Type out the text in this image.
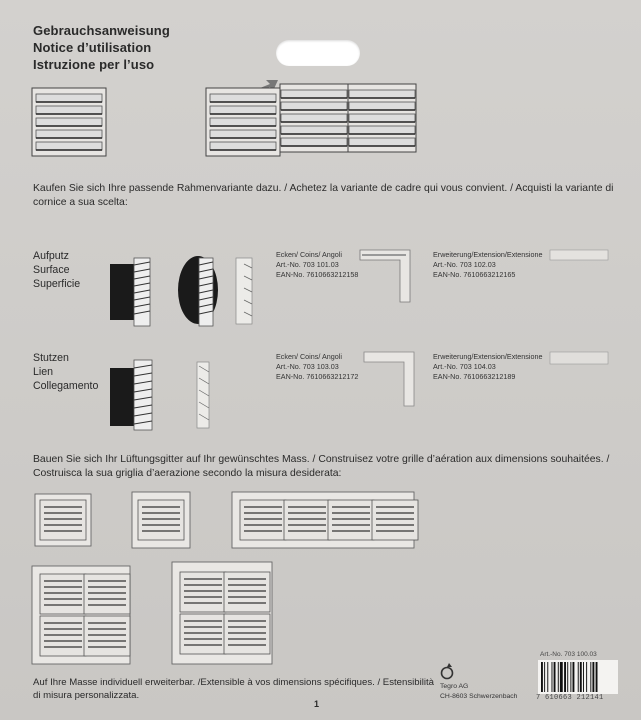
Gebrauchsanweisung
Notice d’utilisation
Istruzione per l’uso
Kaufen Sie sich Ihre passende Rahmenvariante dazu. / Achetez la variante de cadre qui vous convient. / Acquisti la variante di
cornice a sua scelta:
Aufputz
Surface
Superficie
Ecken/ Coins/ Angoli
Art.-No. 703 101.03
EAN-No. 7610663212158
Erweiterung/Extension/Extensione
Art.-No. 703 102.03
EAN-No. 7610663212165
Stutzen
Lien
Collegamento
Ecken/ Coins/ Angoli
Art.-No. 703 103.03
EAN-No. 7610663212172
Erweiterung/Extension/Extensione
Art.-No. 703 104.03
EAN-No. 7610663212189
Bauen Sie sich Ihr Lüftungsgitter auf Ihr gewünschtes Mass. / Construisez votre grille d’aération aux dimensions souhaitées. /
Costruisca la sua griglia d’aerazione secondo la misura desiderata:
Auf Ihre Masse individuell erweiterbar. /Extensible à vos dimensions spécifiques. / Estensibilità
di misura personalizzata.
1
Tegro AG
CH-8603 Schwerzenbach
Art.-No. 703 100.03
7 610663 212141
